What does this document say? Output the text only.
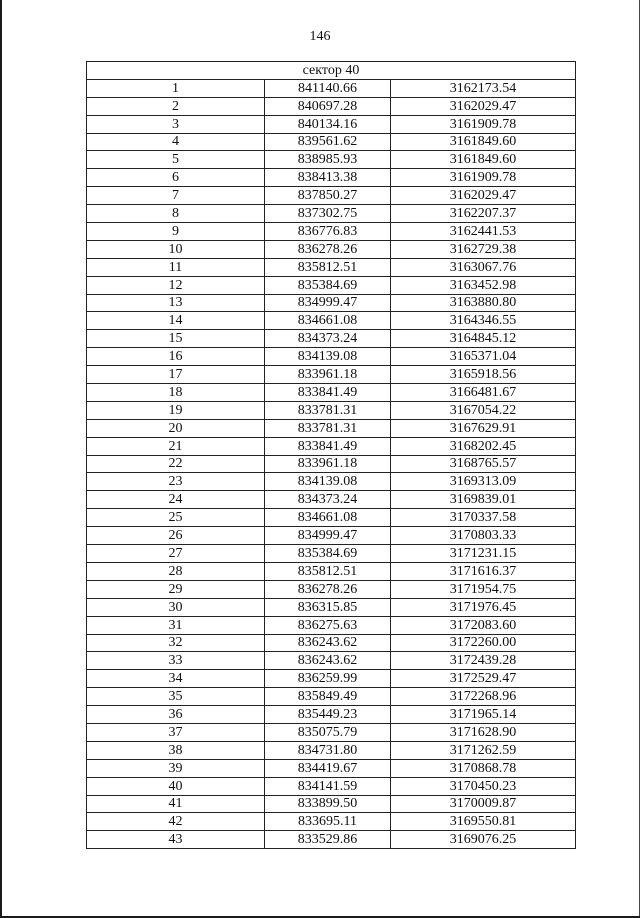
146
сектор 40		
1	841140.66	3162173.54
2	840697.28	3162029.47
3	840134.16	3161909.78
4	839561.62	3161849.60
5	838985.93	3161849.60
6	838413.38	3161909.78
7	837850.27	3162029.47
8	837302.75	3162207.37
9	836776.83	3162441.53
10	836278.26	3162729.38
11	835812.51	3163067.76
12	835384.69	3163452.98
13	834999.47	3163880.80
14	834661.08	3164346.55
15	834373.24	3164845.12
16	834139.08	3165371.04
17	833961.18	3165918.56
18	833841.49	3166481.67
19	833781.31	3167054.22
20	833781.31	3167629.91
21	833841.49	3168202.45
22	833961.18	3168765.57
23	834139.08	3169313.09
24	834373.24	3169839.01
25	834661.08	3170337.58
26	834999.47	3170803.33
27	835384.69	3171231.15
28	835812.51	3171616.37
29	836278.26	3171954.75
30	836315.85	3171976.45
31	836275.63	3172083.60
32	836243.62	3172260.00
33	836243.62	3172439.28
34	836259.99	3172529.47
35	835849.49	3172268.96
36	835449.23	3171965.14
37	835075.79	3171628.90
38	834731.80	3171262.59
39	834419.67	3170868.78
40	834141.59	3170450.23
41	833899.50	3170009.87
42	833695.11	3169550.81
43	833529.86	3169076.25
